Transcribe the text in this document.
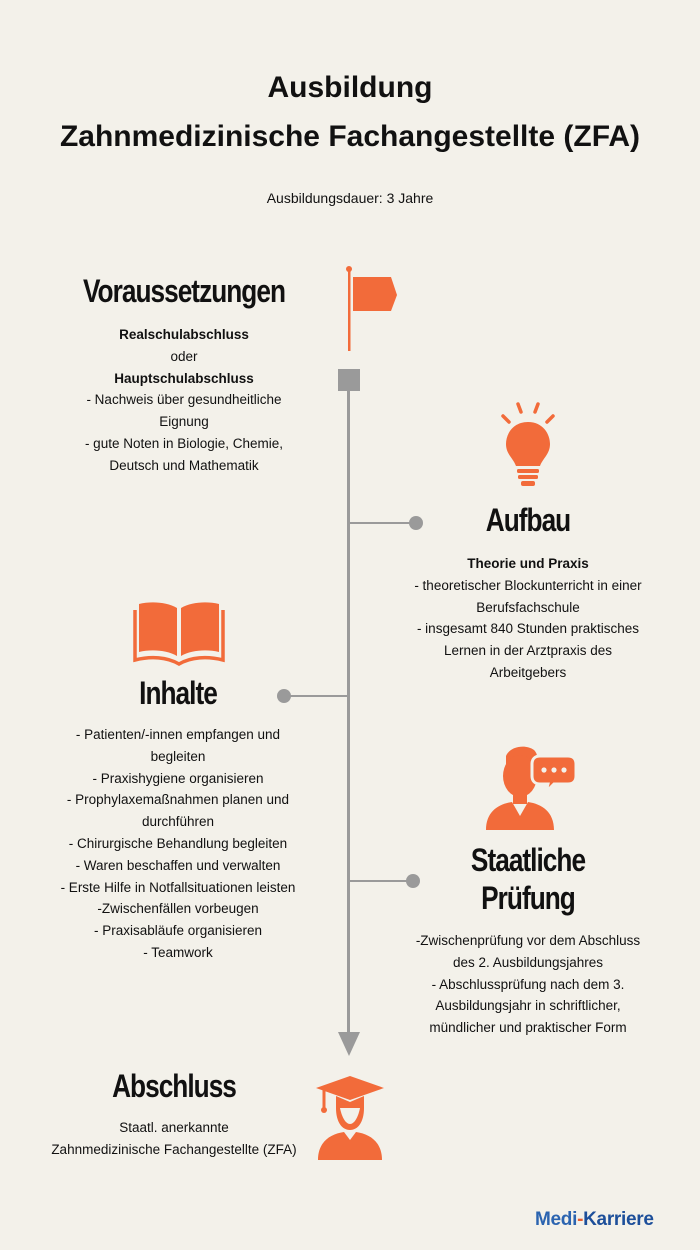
Ausbildung
Zahnmedizinische Fachangestellte (ZFA)
Ausbildungsdauer: 3 Jahre
Voraussetzungen
Realschulabschluss
oder
Hauptschulabschluss
- Nachweis über gesundheitliche
Eignung
- gute Noten in Biologie, Chemie,
Deutsch und Mathematik
Aufbau
Theorie und Praxis
- theoretischer Blockunterricht in einer
Berufsfachschule
- insgesamt 840 Stunden praktisches
Lernen in der Arztpraxis des
Arbeitgebers
Inhalte
- Patienten/-innen empfangen und
begleiten
- Praxishygiene organisieren
- Prophylaxemaßnahmen planen und
durchführen
- Chirurgische Behandlung begleiten
- Waren beschaffen und verwalten
- Erste Hilfe in Notfallsituationen leisten
-Zwischenfällen vorbeugen
- Praxisabläufe organisieren
- Teamwork
Staatliche
Prüfung
-Zwischenprüfung vor dem Abschluss
des 2. Ausbildungsjahres
- Abschlussprüfung nach dem 3.
Ausbildungsjahr in schriftlicher,
mündlicher und praktischer Form
Abschluss
Staatl. anerkannte
Zahnmedizinische Fachangestellte (ZFA)
Medi-Karriere
